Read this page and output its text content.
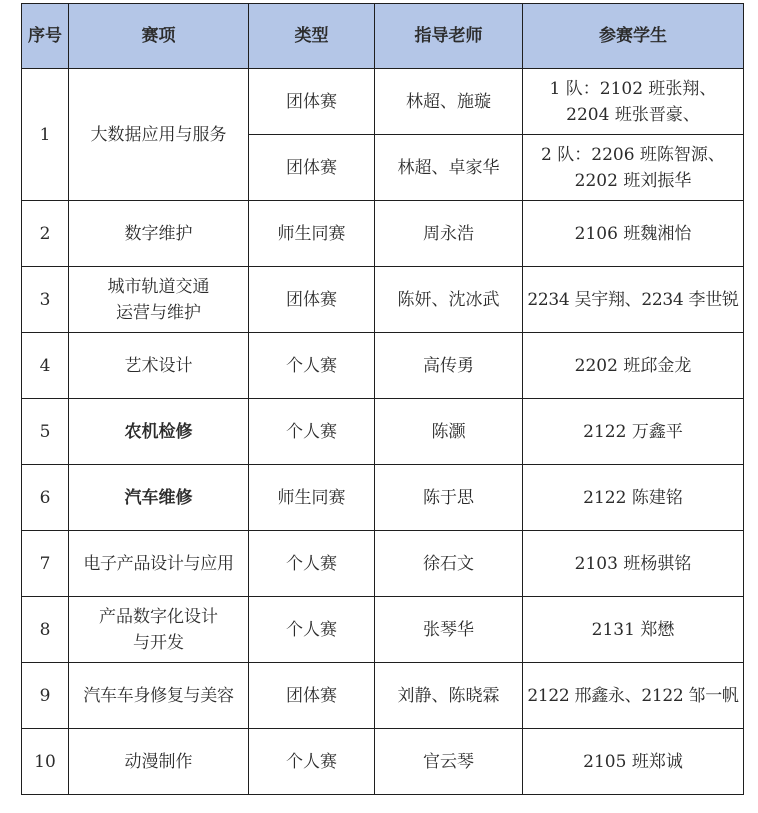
序号	赛项	类型	指导老师	参赛学生
1	大数据应用与服务	团体赛	林超、施璇	1 队：2102 班张翔、
2204 班张晋豪、

		团体赛	林超、卓家华	2 队：2206 班陈智源、
2202 班刘振华

2	数字维护	师生同赛	周永浩	2106 班魏湘怡
3	城市轨道交通
运营与维护	团体赛	陈妍、沈冰武	2234 吴宇翔、2234 李世锐
4	艺术设计	个人赛	高传勇	2202 班邱金龙
5	农机检修	个人赛	陈灏	2122 万鑫平
6	汽车维修	师生同赛	陈于思	2122 陈建铭
7	电子产品设计与应用	个人赛	徐石文	2103 班杨骐铭
8	产品数字化设计
与开发	个人赛	张琴华	2131 郑懋
9	汽车车身修复与美容	团体赛	刘静、陈晓霖	2122 邢鑫永、2122 邹一帆
10	动漫制作	个人赛	官云琴	2105 班郑诚
